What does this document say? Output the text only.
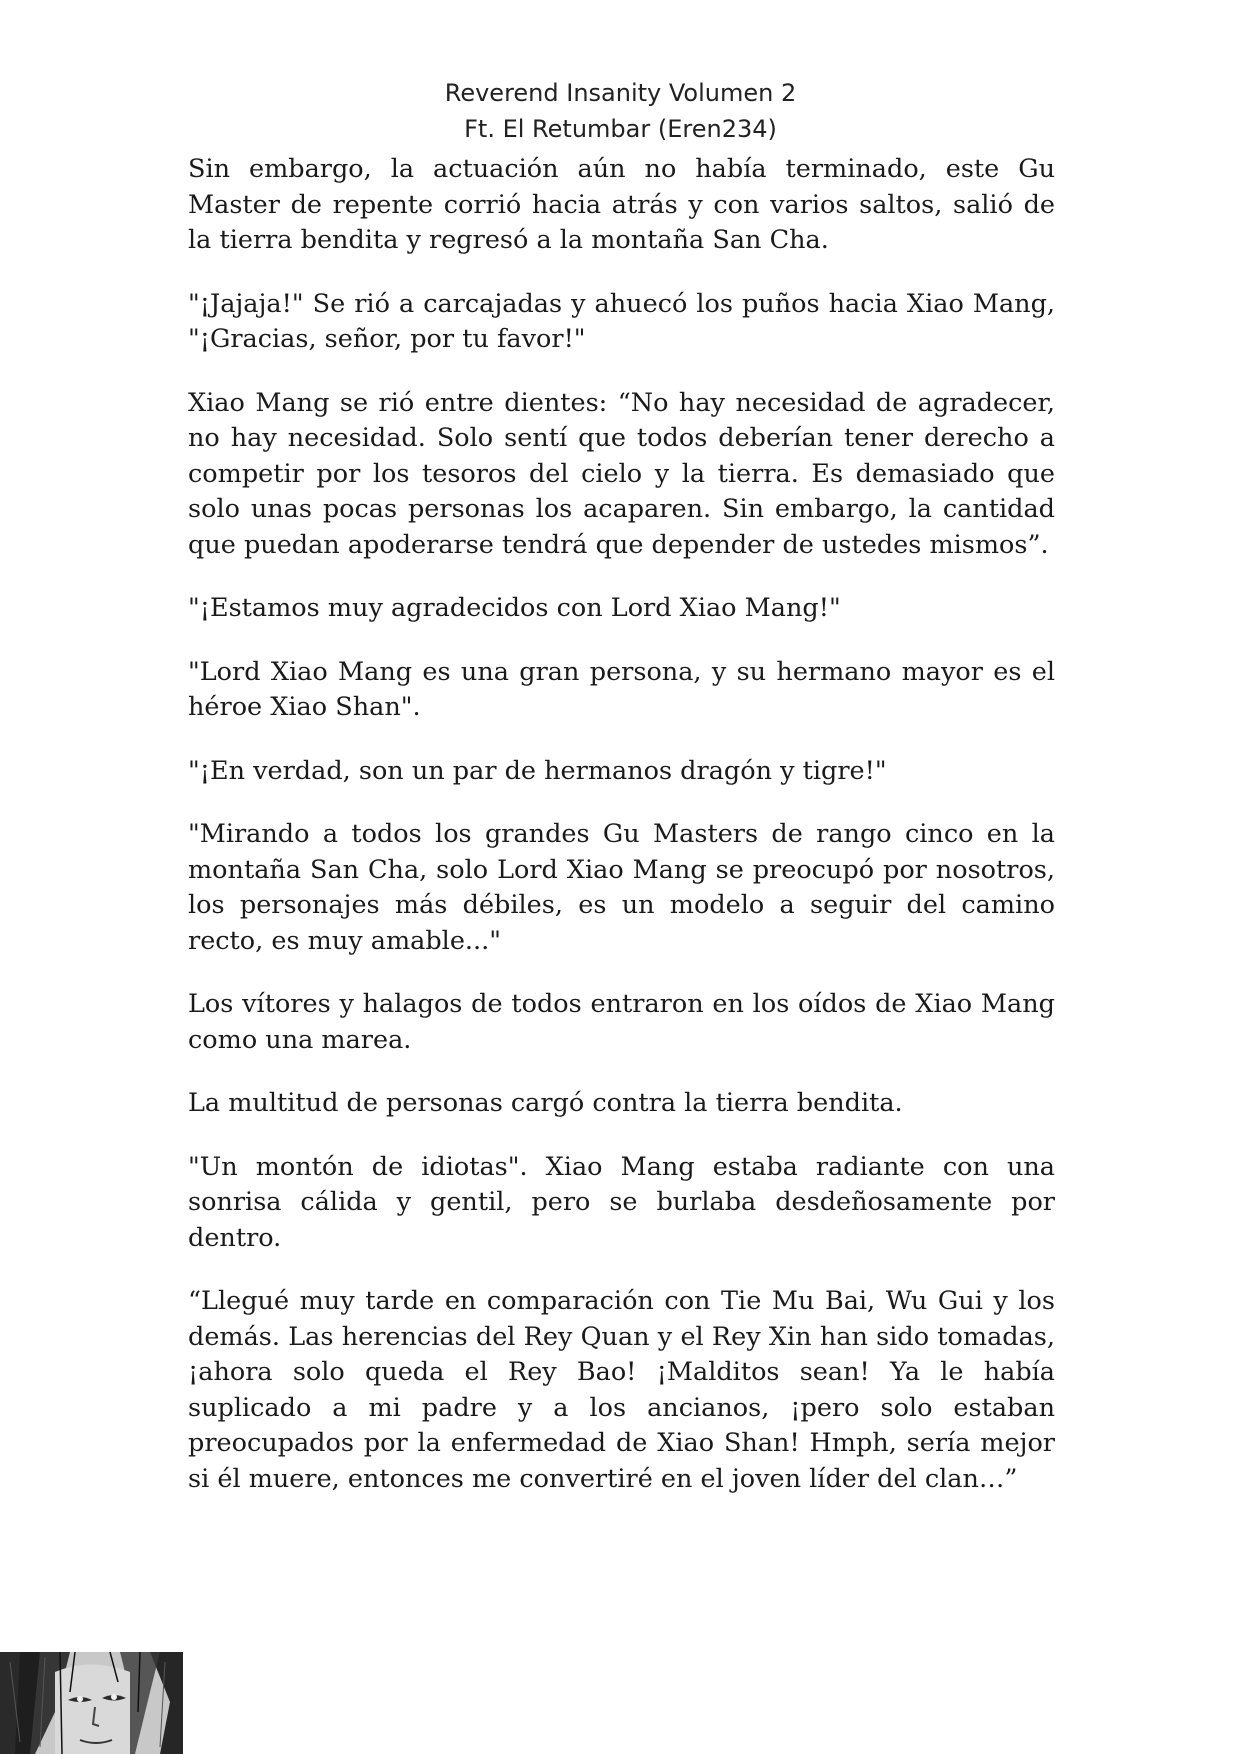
Reverend Insanity Volumen 2
Ft. El Retumbar (Eren234)

Sin embargo, la actuación aún no había terminado, este Gu Master de repente corrió hacia atrás y con varios saltos, salió de la tierra bendita y regresó a la montaña San Cha.

"¡Jajaja!" Se rió a carcajadas y ahuecó los puños hacia Xiao Mang, "¡Gracias, señor, por tu favor!"

Xiao Mang se rió entre dientes: “No hay necesidad de agradecer, no hay necesidad. Solo sentí que todos deberían tener derecho a competir por los tesoros del cielo y la tierra. Es demasiado que solo unas pocas personas los acaparen. Sin embargo, la cantidad que puedan apoderarse tendrá que depender de ustedes mismos”.

"¡Estamos muy agradecidos con Lord Xiao Mang!"

"Lord Xiao Mang es una gran persona, y su hermano mayor es el héroe Xiao Shan".

"¡En verdad, son un par de hermanos dragón y tigre!"

"Mirando a todos los grandes Gu Masters de rango cinco en la montaña San Cha, solo Lord Xiao Mang se preocupó por nosotros, los personajes más débiles, es un modelo a seguir del camino recto, es muy amable..."

Los vítores y halagos de todos entraron en los oídos de Xiao Mang como una marea.

La multitud de personas cargó contra la tierra bendita.

"Un montón de idiotas". Xiao Mang estaba radiante con una sonrisa cálida y gentil, pero se burlaba desdeñosamente por dentro.

“Llegué muy tarde en comparación con Tie Mu Bai, Wu Gui y los demás. Las herencias del Rey Quan y el Rey Xin han sido tomadas, ¡ahora solo queda el Rey Bao! ¡Malditos sean! Ya le había suplicado a mi padre y a los ancianos, ¡pero solo estaban preocupados por la enfermedad de Xiao Shan! Hmph, sería mejor si él muere, entonces me convertiré en el joven líder del clan…”
